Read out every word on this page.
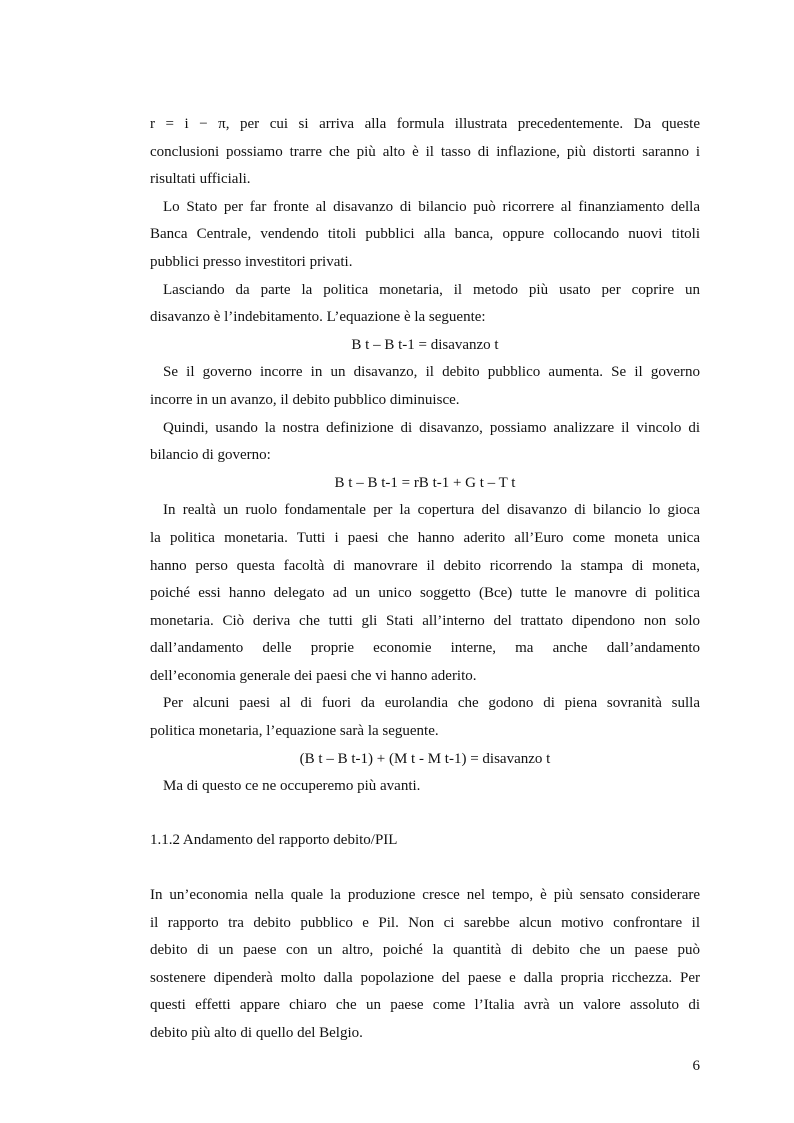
r = i − π, per cui si arriva alla formula illustrata precedentemente. Da queste
conclusioni possiamo trarre che più alto è il tasso di inflazione, più distorti saranno i
risultati ufficiali.
Lo Stato per far fronte al disavanzo di bilancio può ricorrere al finanziamento della
Banca Centrale, vendendo titoli pubblici alla banca, oppure collocando nuovi titoli
pubblici presso investitori privati.
Lasciando da parte la politica monetaria, il metodo più usato per coprire un
disavanzo è l’indebitamento. L’equazione è la seguente:
B t – B t-1 = disavanzo t
Se il governo incorre in un disavanzo, il debito pubblico aumenta. Se il governo
incorre in un avanzo, il debito pubblico diminuisce.
Quindi, usando la nostra definizione di disavanzo, possiamo analizzare il vincolo di
bilancio di governo:
B t – B t-1 = rB t-1 + G t – T t
In realtà un ruolo fondamentale per la copertura del disavanzo di bilancio lo gioca
la politica monetaria. Tutti i paesi che hanno aderito all’Euro come moneta unica
hanno perso questa facoltà di manovrare il debito ricorrendo la stampa di moneta,
poiché essi hanno delegato ad un unico soggetto (Bce) tutte le manovre di politica
monetaria. Ciò deriva che tutti gli Stati all’interno del trattato dipendono non solo
dall’andamento delle proprie economie interne, ma anche dall’andamento
dell’economia generale dei paesi che vi hanno aderito.
Per alcuni paesi al di fuori da eurolandia che godono di piena sovranità sulla
politica monetaria, l’equazione sarà la seguente.
(B t – B t-1) + (M t - M t-1) = disavanzo t
Ma di questo ce ne occuperemo più avanti.
1.1.2 Andamento del rapporto debito/PIL
In un’economia nella quale la produzione cresce nel tempo, è più sensato considerare
il rapporto tra debito pubblico e Pil. Non ci sarebbe alcun motivo confrontare il
debito di un paese con un altro, poiché la quantità di debito che un paese può
sostenere dipenderà molto dalla popolazione del paese e dalla propria ricchezza. Per
questi effetti appare chiaro che un paese come l’Italia avrà un valore assoluto di
debito più alto di quello del Belgio.
6
